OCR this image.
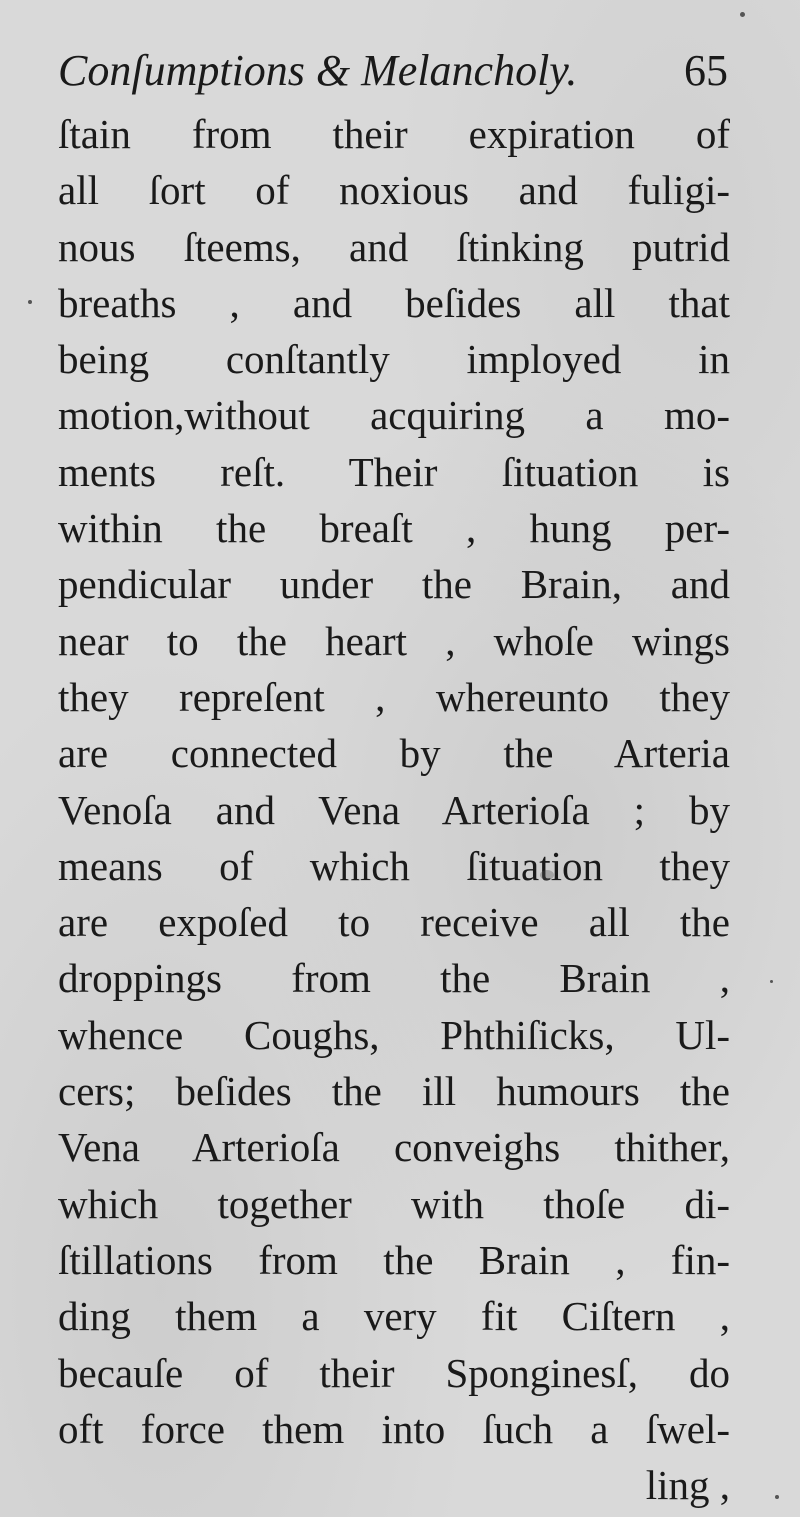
Conſumptions & Melancholy. 65
ſtain from their expiration of
all ſort of noxious and fuligi-
nous ſteems, and ſtinking putrid
breaths , and beſides all that
being conſtantly imployed in
motion,without acquiring a mo-
ments reſt. Their ſituation is
within the breaſt , hung per-
pendicular under the Brain, and
near to the heart , whoſe wings
they repreſent , whereunto they
are connected by the Arteria
Venoſa and Vena Arterioſa ; by
means of which ſituation they
are expoſed to receive all the
droppings from the Brain ,
whence Coughs, Phthiſicks, Ul-
cers; beſides the ill humours the
Vena Arterioſa conveighs thither,
which together with thoſe di-
ſtillations from the Brain , fin-
ding them a very fit Ciſtern ,
becauſe of their Sponginesſ, do
oft force them into ſuch a ſwel-
ling ,
